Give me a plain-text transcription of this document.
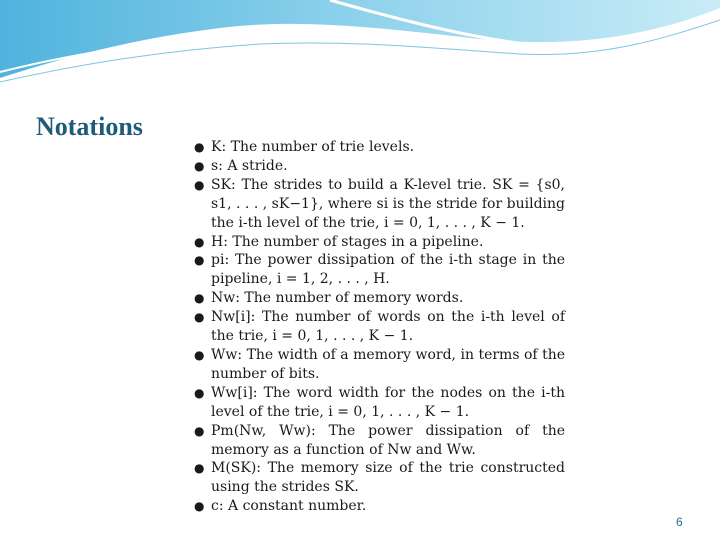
Notations
● K: The number of trie levels.
● s: A stride.
● SK: The strides to build a K-level trie. SK = {s0, s1, . . . , sK−1}, where si is the stride for building the i-th level of the trie, i = 0, 1, . . . , K − 1.
● H: The number of stages in a pipeline.
● pi: The power dissipation of the i-th stage in the pipeline, i = 1, 2, . . . , H.
● Nw: The number of memory words.
● Nw[i]: The number of words on the i-th level of the trie, i = 0, 1, . . . , K − 1.
● Ww: The width of a memory word, in terms of the number of bits.
● Ww[i]: The word width for the nodes on the i-th level of the trie, i = 0, 1, . . . , K − 1.
● Pm(Nw, Ww): The power dissipation of the memory as a function of Nw and Ww.
● M(SK): The memory size of the trie constructed using the strides SK.
● c: A constant number.
6
